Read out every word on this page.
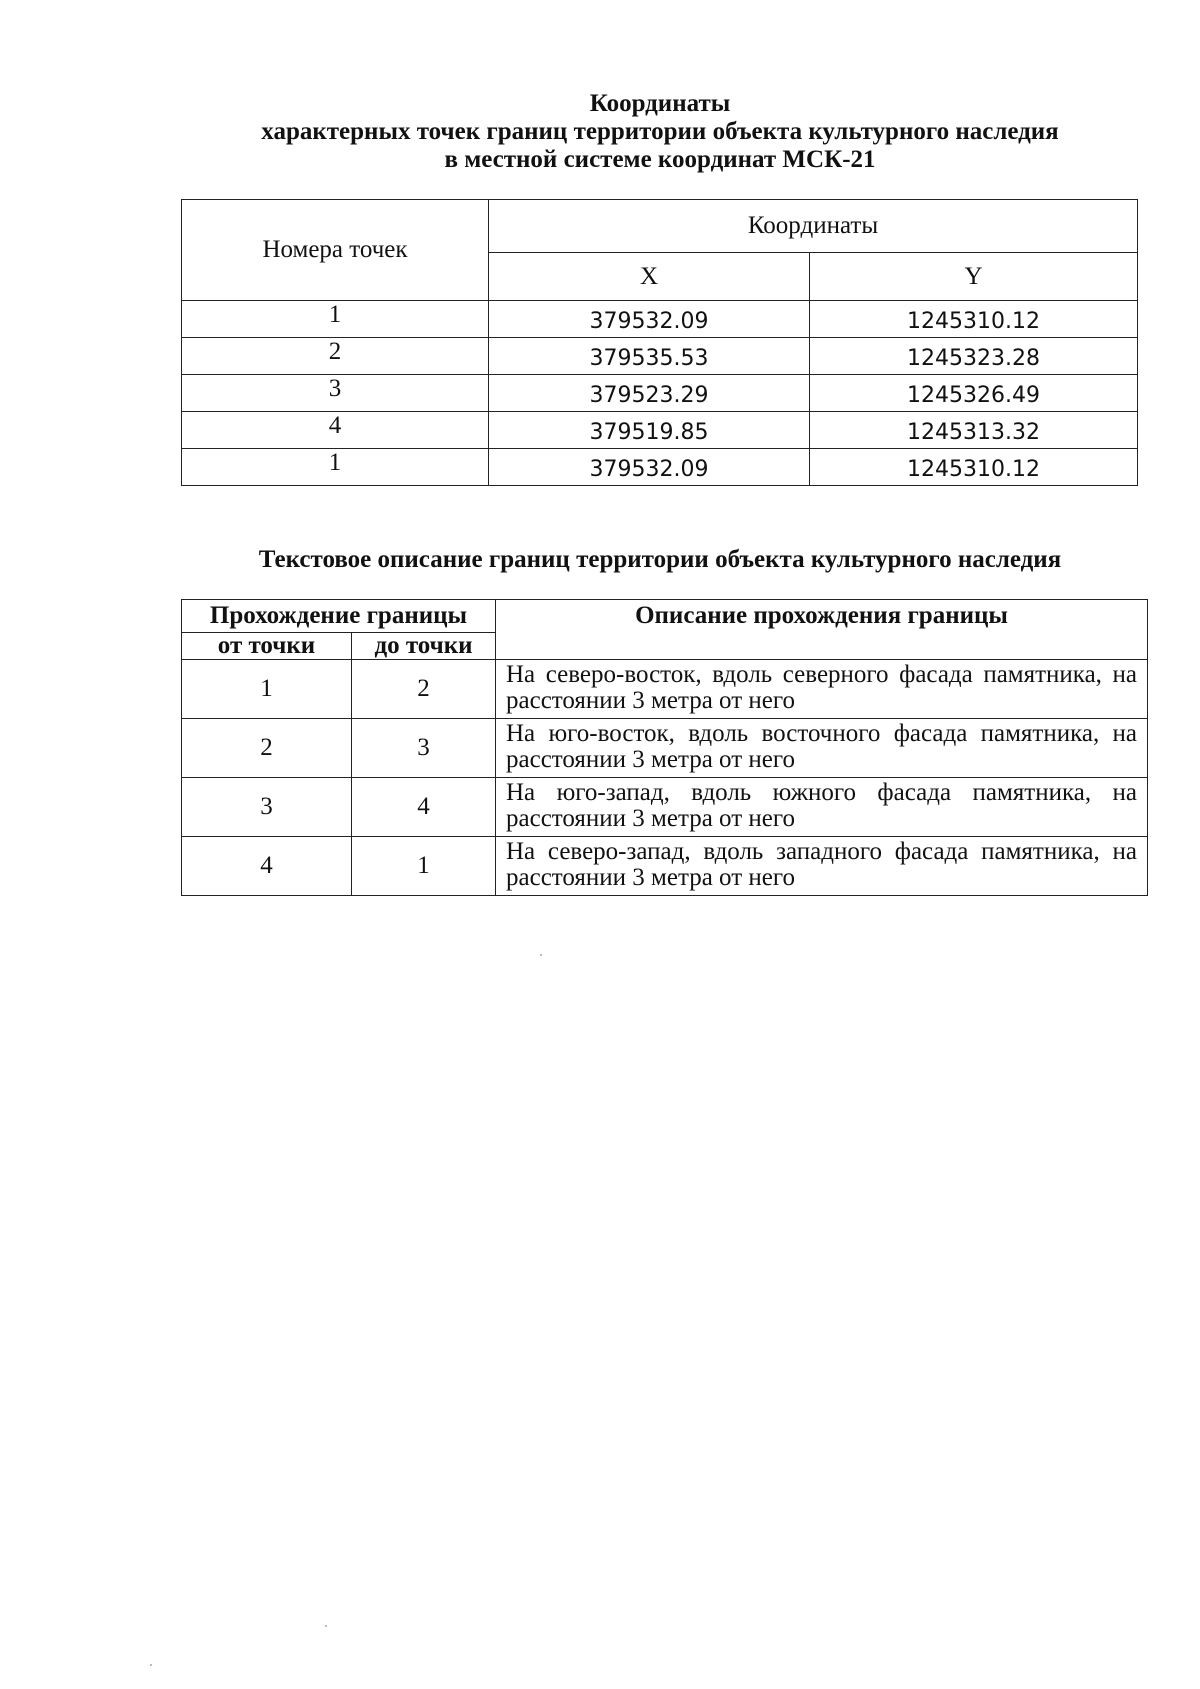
Координаты
характерных точек границ территории объекта культурного наследия
в местной системе координат МСК-21
Номера точек	Координаты	
	X	Y
1	379532.09	1245310.12
2	379535.53	1245323.28
3	379523.29	1245326.49
4	379519.85	1245313.32
1	379532.09	1245310.12
Текстовое описание границ территории объекта культурного наследия
Прохождение границы		Описание прохождения границы
от точки	до точки	
1	2	На северо-восток, вдоль северного фасада памятника, на расстоянии 3 метра от него
2	3	На юго-восток, вдоль восточного фасада памятника, на расстоянии 3 метра от него
3	4	На юго-запад, вдоль южного фасада памятника, на расстоянии 3 метра от него
4	1	На северо-запад, вдоль западного фасада памятника, на расстоянии 3 метра от него
